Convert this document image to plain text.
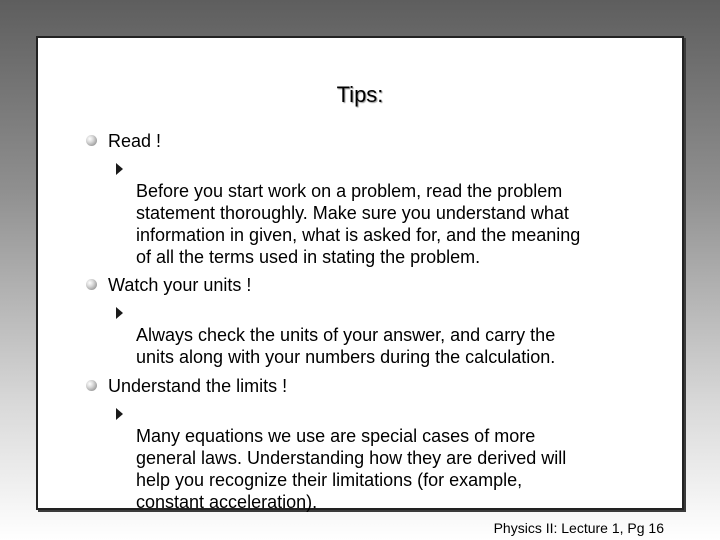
Tips:
Read !

Before you start work on a problem, read the problem
statement thoroughly. Make sure you understand what
information in given, what is asked for, and the meaning
of all the terms used in stating the problem.

Watch your units !

Always check the units of your answer, and carry the
units along with your numbers during the calculation.

Understand the limits !

Many equations we use are special cases of more
general laws. Understanding how they are derived will
help you recognize their limitations (for example,
constant acceleration).

Physics II: Lecture 1, Pg 16
